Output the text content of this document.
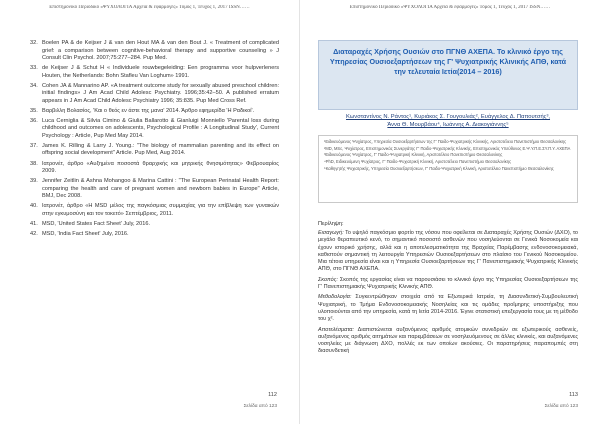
Επιστημονικό Περιοδικό «ΨΥΧΟΛΟΓΙΑ Αρχεία & εφαρμογές» Τόμος 1, Τεύχος 1, 2017 ISSN……
32. Boelen PA & de Keijser J & van den Hout MA & van den Bout J. « Treatment of complicated grief: a comparison between cognitive-behavioral therapy and supportive counseling » J Consult Clin Psychol. 2007;75:277–284. Pup Med.
33. de Keijser J & Schut H « Individuele rouwbegeleiding: Een programma voor hulpverleners Houten, the Netherlands: Bohn Stafleu Van Loghum» 1991.
34. Cohen JA & Mannarino AP. «A treatment outcome study for sexually abused preschool children: initial findings» J Am Acad Child Adolesc Psychiatry. 1996;35:42–50. A published erratum appears in J Am Acad Child Adolesc Psychiatry 1996; 35:835. Pup Med Cross Ref.
35. Βαρβιλλη Βολασίος, 'Και ο θεός εν άστε της μανα' 2014. Άρθρο εφημερίδα 'Η Ραδικοί'.
36. Luca Cerniglia & Silvia Cimino & Giulia Ballarotto & Gianluigi Monniello 'Parental loss during childhood and outcomes on adolescents, Psychological Profile : A Longitudinal Study', Current Psychology : Article, Pup Med May 2014.
37. James K. Rilling & Larry J. Young.: "The biology of mammalian parenting and its effect on offspring social development" Article. Pup Med, Aug 2014.
38. Ιατρονέτ, άρθρο «Αυξημένα ποσοστά θραρχικής και μητρικής θνησιμότητας» Φεβρουαρίος 2009.
39. Jennifer Zeitlin & Ashna Mohangoo & Marina Cattini : "The European Perinatal Health Report: comparing the health and care of pregnant women and newborn babies in Europe" Article, BMJ, Dec 2008.
40. Ιατρονέτ, άρθρο «H MSD μέλος της παγκόσμιας συμμαχίας για την επίβλεψη των γυναικών στην εγκυμοσύνη και τον τοκετό» Σεπτέμβριος, 2011.
41. MSD, 'United States Fact Sheet' July, 2016.
42. MSD, 'India Fact Sheet' July, 2016.
112
Σελίδα από 123
Επιστημονικό Περιοδικό «ΨΥΧΟΛΟΓΙΑ Αρχεία & εφαρμογές» Τόμος 1, Τεύχος 1, 2017 ISSN……
Διαταραχές Χρήσης Ουσιών στο ΠΓΝΘ ΑΧΕΠΑ. Το κλινικό έργο της Υπηρεσίας Ουσιοεξαρτήσεων της Γ' Ψυχιατρικής Κλινικής ΑΠΘ, κατά την τελευταία Ιετία(2014 – 2016)
Κωνσταντίνος Ν. Ράντος¹, Κυριάκος Σ. Γουγουλιάς², Ευάγγελος Δ. Παπουτσής³,
Άννα Θ. Μουρβάου⁴, Ιωάννης Α. Διακογιάννης⁵
¹Ειδικευόμενος Ψυχίατρος, Υπηρεσία Ουσιοεξαρτήσεων της Γ' Παιδο-Ψυχιατρικής Κλινικής, Αριστοτέλειο Πανεπιστήμιο Θεσσαλονίκης
²MD, MSc, Ψυχίατρος, Επιστημονικός Συνεργάτης Γ' Παιδο-Ψυχιατρικής Κλινικής, Επιστημονικός Υπεύθυνος Ε.Ψ.Υ.Π.Ε.ΣΥ.Π.Υ. ΑΧΕΠΑ
³Ειδικευόμενος Ψυχίατρος, Γ' Παιδο-Ψυχιατρική Κλινική, Αριστοτέλειο Πανεπιστήμιο Θεσσαλονίκης
⁴PhD, Ειδικευόμενη Ψυχίατρος, Γ' Παιδο-Ψυχιατρική Κλινική, Αριστοτέλειο Πανεπιστήμιο Θεσσαλονίκης
⁵Καθηγητής Ψυχιατρικής, Υπηρεσία Ουσιοεξαρτήσεων, Γ' Παιδο-Ψυχιατρική Κλινική, Αριστοτέλειο Πανεπιστήμιο Θεσσαλονίκης
Περίληψη:
Εισαγωγή: Το υψηλό παγκόσμιο φορτίο της νόσου που οφείλεται σε Διαταραχές Χρήσης Ουσιών (ΔΧΟ), το μεγάλο θεραπευτικό κενό, το σημαντικό ποσοστό ασθενών που νοσηλεύονται σε Γενικά Νοσοκομεία και έχουν ιστορικό χρήσης, αλλά και η αποτελεσματικότητα της Βραχείας Παρέμβασης ενδονοσοκομειακά, καθιστούν σημαντική τη λειτουργία Υπηρεσιών Ουσιοεξαρτήσεων στο πλαίσιο του Γενικού Νοσοκομείου. Μια τέτοια υπηρεσία είναι και η Υπηρεσία Ουσιοεξαρτήσεων της Γ' Πανεπιστημιακής Ψυχιατρικής Κλινικής ΑΠΘ, στο ΠΓΝΘ ΑΧΕΠΑ.
Σκοπός: Σκοπός της εργασίας είναι να παρουσιάσει το κλινικό έργο της Υπηρεσίας Ουσιοεξαρτήσεων της Γ' Πανεπιστημιακής Ψυχιατρικής Κλινικής ΑΠΘ.
Μεθοδολογία: Συγκεντρώθηκαν στοιχεία από τα Εξωτερικά Ιατρεία, τη Διασυνδετική-Συμβουλευτική Ψυχιατρική, το Τμήμα Ενδονοσοκομειακής Νοσηλείας και τις ομάδες προΐμηρης υποστήριξης που υλοποιούνται από την υπηρεσία, κατά τη Ιετία 2014-2016. Έγινε στατιστική επεξεργασία τους με τη μέθοδο του χ².
Αποτελέσματα: Διαπιστώνεται αυξανόμενος αριθμός ατομικών συνεδριών σε εξωτερικούς ασθενείς, αυξανόμενος αριθμός αιτημάτων και παρεμβάσεων σε νοσηλευόμενους σε άλλες κλινικές, και αυξανόμενες νοσηλείες με διάγνωση ΔΧΟ, πολλές εκ των οποίων ακούσιες. Οι παρατηρήσεις παραπομπές στη διασυνδετική
113
Σελίδα από 123
